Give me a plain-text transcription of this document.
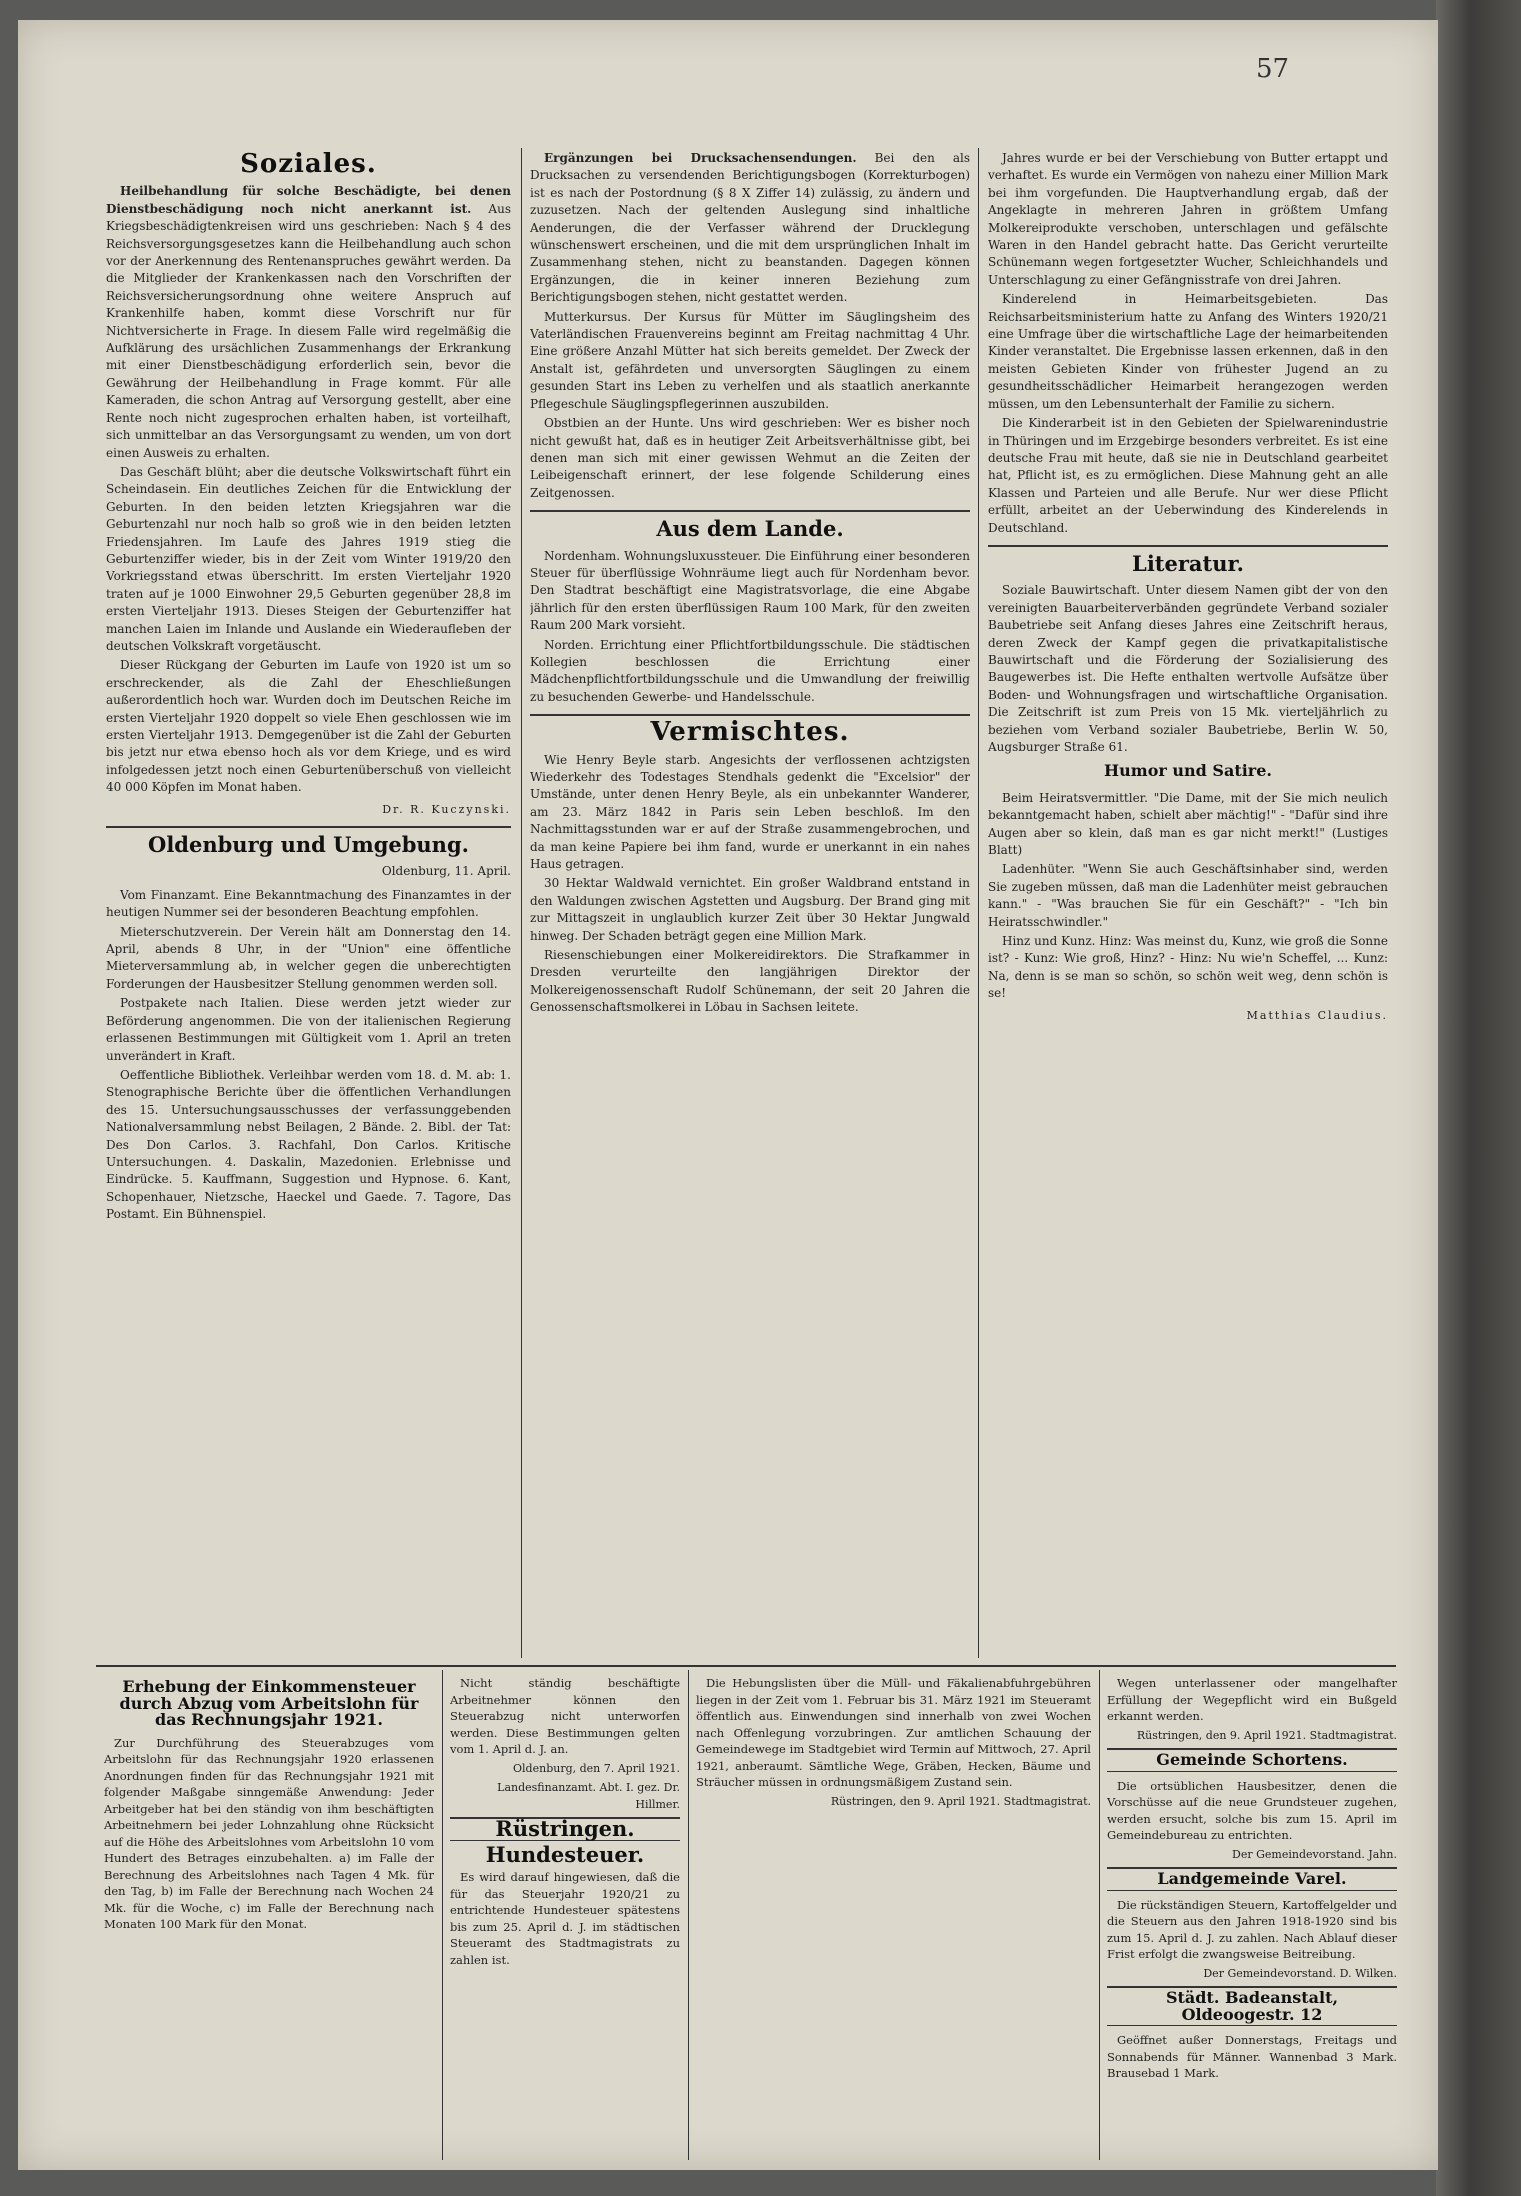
57
Soziales.

Heilbehandlung für solche Beschädigte, bei denen Dienstbeschädigung noch nicht anerkannt ist. Aus Kriegsbeschädigtenkreisen wird uns geschrieben: Nach § 4 des Reichsversorgungsgesetzes kann die Heilbehandlung auch schon vor der Anerkennung des Rentenanspruches gewährt werden. Da die Mitglieder der Krankenkassen nach den Vorschriften der Reichsversicherungsordnung ohne weitere Anspruch auf Krankenhilfe haben, kommt diese Vorschrift nur für Nichtversicherte in Frage. In diesem Falle wird regelmäßig die Aufklärung des ursächlichen Zusammenhangs der Erkrankung mit einer Dienstbeschädigung erforderlich sein, bevor die Gewährung der Heilbehandlung in Frage kommt. Für alle Kameraden, die schon Antrag auf Versorgung gestellt, aber eine Rente noch nicht zugesprochen erhalten haben, ist vorteilhaft, sich unmittelbar an das Versorgungsamt zu wenden, um von dort einen Ausweis zu erhalten.

Das Geschäft blüht; aber die deutsche Volkswirtschaft führt ein Scheindasein. Ein deutliches Zeichen für die Entwicklung der Geburten. In den beiden letzten Kriegsjahren war die Geburtenzahl nur noch halb so groß wie in den beiden letzten Friedensjahren. Im Laufe des Jahres 1919 stieg die Geburtenziffer wieder, bis in der Zeit vom Winter 1919/20 den Vorkriegsstand etwas überschritt. Im ersten Vierteljahr 1920 traten auf je 1000 Einwohner 29,5 Geburten gegenüber 28,8 im ersten Vierteljahr 1913. Dieses Steigen der Geburtenziffer hat manchen Laien im Inlande und Auslande ein Wiederaufleben der deutschen Volkskraft vorgetäuscht.

Dieser Rückgang der Geburten im Laufe von 1920 ist um so erschreckender, als die Zahl der Eheschließungen außerordentlich hoch war. Wurden doch im Deutschen Reiche im ersten Vierteljahr 1920 doppelt so viele Ehen geschlossen wie im ersten Vierteljahr 1913. Demgegenüber ist die Zahl der Geburten bis jetzt nur etwa ebenso hoch als vor dem Kriege, und es wird infolgedessen jetzt noch einen Geburtenüberschuß von vielleicht 40 000 Köpfen im Monat haben.

Dr. R. Kuczynski.
Oldenburg und Umgebung.
Oldenburg, 11. April.

Vom Finanzamt. Eine Bekanntmachung des Finanzamtes in der heutigen Nummer sei der besonderen Beachtung empfohlen.

Mieterschutzverein. Der Verein hält am Donnerstag den 14. April, abends 8 Uhr, in der "Union" eine öffentliche Mieterversammlung ab, in welcher gegen die unberechtigten Forderungen der Hausbesitzer Stellung genommen werden soll.

Postpakete nach Italien. Diese werden jetzt wieder zur Beförderung angenommen. Die von der italienischen Regierung erlassenen Bestimmungen mit Gültigkeit vom 1. April an treten unverändert in Kraft.

Oeffentliche Bibliothek. Verleihbar werden vom 18. d. M. ab: 1. Stenographische Berichte über die öffentlichen Verhandlungen des 15. Untersuchungsausschusses der verfassunggebenden Nationalversammlung nebst Beilagen, 2 Bände. 2. Bibl. der Tat: Des Don Carlos. 3. Rachfahl, Don Carlos. Kritische Untersuchungen. 4. Daskalin, Mazedonien. Erlebnisse und Eindrücke. 5. Kauffmann, Suggestion und Hypnose. 6. Kant, Schopenhauer, Nietzsche, Haeckel und Gaede. 7. Tagore, Das Postamt. Ein Bühnenspiel.

Ergänzungen bei Drucksachensendungen. Bei den als Drucksachen zu versendenden Berichtigungsbogen (Korrekturbogen) ist es nach der Postordnung (§ 8 X Ziffer 14) zulässig, zu ändern und zuzusetzen. Nach der geltenden Auslegung sind inhaltliche Aenderungen, die der Verfasser während der Drucklegung wünschenswert erscheinen, und die mit dem ursprünglichen Inhalt im Zusammenhang stehen, nicht zu beanstanden. Dagegen können Ergänzungen, die in keiner inneren Beziehung zum Berichtigungsbogen stehen, nicht gestattet werden.

Mutterkursus. Der Kursus für Mütter im Säuglingsheim des Vaterländischen Frauenvereins beginnt am Freitag nachmittag 4 Uhr. Eine größere Anzahl Mütter hat sich bereits gemeldet. Der Zweck der Anstalt ist, gefährdeten und unversorgten Säuglingen zu einem gesunden Start ins Leben zu verhelfen und als staatlich anerkannte Pflegeschule Säuglingspflegerinnen auszubilden.

Obstbien an der Hunte. Uns wird geschrieben: Wer es bisher noch nicht gewußt hat, daß es in heutiger Zeit Arbeitsverhältnisse gibt, bei denen man sich mit einer gewissen Wehmut an die Zeiten der Leibeigenschaft erinnert, der lese folgende Schilderung eines Zeitgenossen.

Aus dem Lande.

Nordenham. Wohnungsluxussteuer. Die Einführung einer besonderen Steuer für überflüssige Wohnräume liegt auch für Nordenham bevor. Den Stadtrat beschäftigt eine Magistratsvorlage, die eine Abgabe jährlich für den ersten überflüssigen Raum 100 Mark, für den zweiten Raum 200 Mark vorsieht.

Norden. Errichtung einer Pflichtfortbildungsschule. Die städtischen Kollegien beschlossen die Errichtung einer Mädchenpflichtfortbildungsschule und die Umwandlung der freiwillig zu besuchenden Gewerbe- und Handelsschule.

Vermischtes.

Wie Henry Beyle starb. Angesichts der verflossenen achtzigsten Wiederkehr des Todestages Stendhals gedenkt die "Excelsior" der Umstände, unter denen Henry Beyle, als ein unbekannter Wanderer, am 23. März 1842 in Paris sein Leben beschloß. Im den Nachmittagsstunden war er auf der Straße zusammengebrochen, und da man keine Papiere bei ihm fand, wurde er unerkannt in ein nahes Haus getragen.

30 Hektar Waldwald vernichtet. Ein großer Waldbrand entstand in den Waldungen zwischen Agstetten und Augsburg. Der Brand ging mit zur Mittagszeit in unglaublich kurzer Zeit über 30 Hektar Jungwald hinweg. Der Schaden beträgt gegen eine Million Mark.

Riesenschiebungen einer Molkereidirektors. Die Strafkammer in Dresden verurteilte den langjährigen Direktor der Molkereigenossenschaft Rudolf Schünemann, der seit 20 Jahren die Genossenschaftsmolkerei in Löbau in Sachsen leitete.

Jahres wurde er bei der Verschiebung von Butter ertappt und verhaftet. Es wurde ein Vermögen von nahezu einer Million Mark bei ihm vorgefunden. Die Hauptverhandlung ergab, daß der Angeklagte in mehreren Jahren in größtem Umfang Molkereiprodukte verschoben, unterschlagen und gefälschte Waren in den Handel gebracht hatte. Das Gericht verurteilte Schünemann wegen fortgesetzter Wucher, Schleichhandels und Unterschlagung zu einer Gefängnisstrafe von drei Jahren.

Kinderelend in Heimarbeitsgebieten. Das Reichsarbeitsministerium hatte zu Anfang des Winters 1920/21 eine Umfrage über die wirtschaftliche Lage der heimarbeitenden Kinder veranstaltet. Die Ergebnisse lassen erkennen, daß in den meisten Gebieten Kinder von frühester Jugend an zu gesundheitsschädlicher Heimarbeit herangezogen werden müssen, um den Lebensunterhalt der Familie zu sichern.

Die Kinderarbeit ist in den Gebieten der Spielwarenindustrie in Thüringen und im Erzgebirge besonders verbreitet. Es ist eine deutsche Frau mit heute, daß sie nie in Deutschland gearbeitet hat, Pflicht ist, es zu ermöglichen. Diese Mahnung geht an alle Klassen und Parteien und alle Berufe. Nur wer diese Pflicht erfüllt, arbeitet an der Ueberwindung des Kinderelends in Deutschland.

Literatur.

Soziale Bauwirtschaft. Unter diesem Namen gibt der von den vereinigten Bauarbeiterverbänden gegründete Verband sozialer Baubetriebe seit Anfang dieses Jahres eine Zeitschrift heraus, deren Zweck der Kampf gegen die privatkapitalistische Bauwirtschaft und die Förderung der Sozialisierung des Baugewerbes ist. Die Hefte enthalten wertvolle Aufsätze über Boden- und Wohnungsfragen und wirtschaftliche Organisation. Die Zeitschrift ist zum Preis von 15 Mk. vierteljährlich zu beziehen vom Verband sozialer Baubetriebe, Berlin W. 50, Augsburger Straße 61.

Humor und Satire.

Beim Heiratsvermittler. "Die Dame, mit der Sie mich neulich bekanntgemacht haben, schielt aber mächtig!" - "Dafür sind ihre Augen aber so klein, daß man es gar nicht merkt!" (Lustiges Blatt)

Ladenhüter. "Wenn Sie auch Geschäftsinhaber sind, werden Sie zugeben müssen, daß man die Ladenhüter meist gebrauchen kann." - "Was brauchen Sie für ein Geschäft?" - "Ich bin Heiratsschwindler."

Hinz und Kunz. Hinz: Was meinst du, Kunz, wie groß die Sonne ist? - Kunz: Wie groß, Hinz? - Hinz: Nu wie'n Scheffel, ... Kunz: Na, denn is se man so schön, so schön weit weg, denn schön is se!

Matthias Claudius.
Erhebung der Einkommensteuer durch Abzug vom Arbeitslohn für das Rechnungsjahr 1921.

Zur Durchführung des Steuerabzuges vom Arbeitslohn für das Rechnungsjahr 1920 erlassenen Anordnungen finden für das Rechnungsjahr 1921 mit folgender Maßgabe sinngemäße Anwendung: Jeder Arbeitgeber hat bei den ständig von ihm beschäftigten Arbeitnehmern bei jeder Lohnzahlung ohne Rücksicht auf die Höhe des Arbeitslohnes vom Arbeitslohn 10 vom Hundert des Betrages einzubehalten. a) im Falle der Berechnung des Arbeitslohnes nach Tagen 4 Mk. für den Tag, b) im Falle der Berechnung nach Wochen 24 Mk. für die Woche, c) im Falle der Berechnung nach Monaten 100 Mark für den Monat.

Nicht ständig beschäftigte Arbeitnehmer können den Steuerabzug nicht unterworfen werden. Diese Bestimmungen gelten vom 1. April d. J. an.

Oldenburg, den 7. April 1921.
Landesfinanzamt. Abt. I. gez. Dr. Hillmer.
Rüstringen.
Hundesteuer.

Es wird darauf hingewiesen, daß die für das Steuerjahr 1920/21 zu entrichtende Hundesteuer spätestens bis zum 25. April d. J. im städtischen Steueramt des Stadtmagistrats zu zahlen ist.

Die Hebungslisten über die Müll- und Fäkalienabfuhrgebühren liegen in der Zeit vom 1. Februar bis 31. März 1921 im Steueramt öffentlich aus. Einwendungen sind innerhalb von zwei Wochen nach Offenlegung vorzubringen. Zur amtlichen Schauung der Gemeindewege im Stadtgebiet wird Termin auf Mittwoch, 27. April 1921, anberaumt. Sämtliche Wege, Gräben, Hecken, Bäume und Sträucher müssen in ordnungsmäßigem Zustand sein.

Rüstringen, den 9. April 1921. Stadtmagistrat.

Wegen unterlassener oder mangelhafter Erfüllung der Wegepflicht wird ein Bußgeld erkannt werden.

Rüstringen, den 9. April 1921. Stadtmagistrat.
Gemeinde Schortens.

Die ortsüblichen Hausbesitzer, denen die Vorschüsse auf die neue Grundsteuer zugehen, werden ersucht, solche bis zum 15. April im Gemeindebureau zu entrichten.

Der Gemeindevorstand. Jahn.
Landgemeinde Varel.

Die rückständigen Steuern, Kartoffelgelder und die Steuern aus den Jahren 1918-1920 sind bis zum 15. April d. J. zu zahlen. Nach Ablauf dieser Frist erfolgt die zwangsweise Beitreibung.

Der Gemeindevorstand. D. Wilken.
Städt. Badeanstalt, Oldeoogestr. 12

Geöffnet außer Donnerstags, Freitags und Sonnabends für Männer. Wannenbad 3 Mark. Brausebad 1 Mark.
